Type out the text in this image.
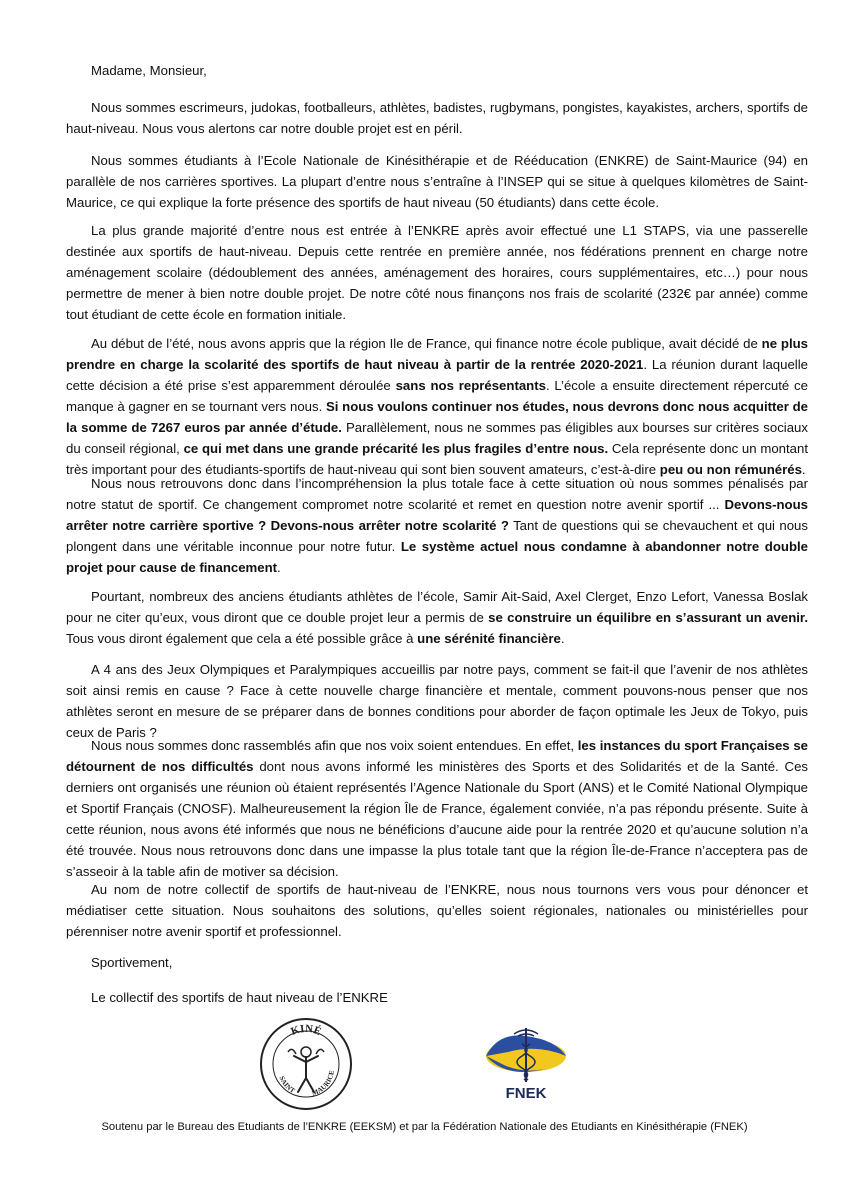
Madame, Monsieur,

Nous sommes escrimeurs, judokas, footballeurs, athlètes, badistes, rugbymans, pongistes, kayakistes, archers, sportifs de haut-niveau. Nous vous alertons car notre double projet est en péril.

Nous sommes étudiants à l’Ecole Nationale de Kinésithérapie et de Rééducation (ENKRE) de Saint-Maurice (94) en parallèle de nos carrières sportives. La plupart d’entre nous s’entraîne à l’INSEP qui se situe à quelques kilomètres de Saint-Maurice, ce qui explique la forte présence des sportifs de haut niveau (50 étudiants) dans cette école.

La plus grande majorité d’entre nous est entrée à l’ENKRE après avoir effectué une L1 STAPS, via une passerelle destinée aux sportifs de haut-niveau. Depuis cette rentrée en première année, nos fédérations prennent en charge notre aménagement scolaire (dédoublement des années, aménagement des horaires, cours supplémentaires, etc…) pour nous permettre de mener à bien notre double projet. De notre côté nous finançons nos frais de scolarité (232€ par année) comme tout étudiant de cette école en formation initiale.

Au début de l’été, nous avons appris que la région Ile de France, qui finance notre école publique, avait décidé de ne plus prendre en charge la scolarité des sportifs de haut niveau à partir de la rentrée 2020-2021. La réunion durant laquelle cette décision a été prise s’est apparemment déroulée sans nos représentants. L’école a ensuite directement répercuté ce manque à gagner en se tournant vers nous. Si nous voulons continuer nos études, nous devrons donc nous acquitter de la somme de 7267 euros par année d’étude. Parallèlement, nous ne sommes pas éligibles aux bourses sur critères sociaux du conseil régional, ce qui met dans une grande précarité les plus fragiles d’entre nous. Cela représente donc un montant très important pour des étudiants-sportifs de haut-niveau qui sont bien souvent amateurs, c’est-à-dire peu ou non rémunérés.

Nous nous retrouvons donc dans l’incompréhension la plus totale face à cette situation où nous sommes pénalisés par notre statut de sportif. Ce changement compromet notre scolarité et remet en question notre avenir sportif ... Devons-nous arrêter notre carrière sportive ? Devons-nous arrêter notre scolarité ? Tant de questions qui se chevauchent et qui nous plongent dans une véritable inconnue pour notre futur. Le système actuel nous condamne à abandonner notre double projet pour cause de financement.

Pourtant, nombreux des anciens étudiants athlètes de l’école, Samir Ait-Said, Axel Clerget, Enzo Lefort, Vanessa Boslak pour ne citer qu’eux, vous diront que ce double projet leur a permis de se construire un équilibre en s’assurant un avenir. Tous vous diront également que cela a été possible grâce à une sérénité financière.

A 4 ans des Jeux Olympiques et Paralympiques accueillis par notre pays, comment se fait-il que l’avenir de nos athlètes soit ainsi remis en cause ? Face à cette nouvelle charge financière et mentale, comment pouvons-nous penser que nos athlètes seront en mesure de se préparer dans de bonnes conditions pour aborder de façon optimale les Jeux de Tokyo, puis ceux de Paris ?

Nous nous sommes donc rassemblés afin que nos voix soient entendues. En effet, les instances du sport Françaises se détournent de nos difficultés dont nous avons informé les ministères des Sports et des Solidarités et de la Santé. Ces derniers ont organisés une réunion où étaient représentés l’Agence Nationale du Sport (ANS) et le Comité National Olympique et Sportif Français (CNOSF). Malheureusement la région Île de France, également conviée, n’a pas répondu présente. Suite à cette réunion, nous avons été informés que nous ne bénéficions d’aucune aide pour la rentrée 2020 et qu’aucune solution n’a été trouvée. Nous nous retrouvons donc dans une impasse la plus totale tant que la région Île-de-France n’acceptera pas de s’asseoir à la table afin de motiver sa décision.

Au nom de notre collectif de sportifs de haut-niveau de l’ENKRE, nous nous tournons vers vous pour dénoncer et médiatiser cette situation. Nous souhaitons des solutions, qu’elles soient régionales, nationales ou ministérielles pour pérenniser notre avenir sportif et professionnel.

Sportivement,

Le collectif des sportifs de haut niveau de l’ENKRE

KINÉ
SAINT MAURICE
FNEK

Soutenu par le Bureau des Etudiants de l’ENKRE (EEKSM) et par la Fédération Nationale des Etudiants en Kinésithérapie (FNEK)
